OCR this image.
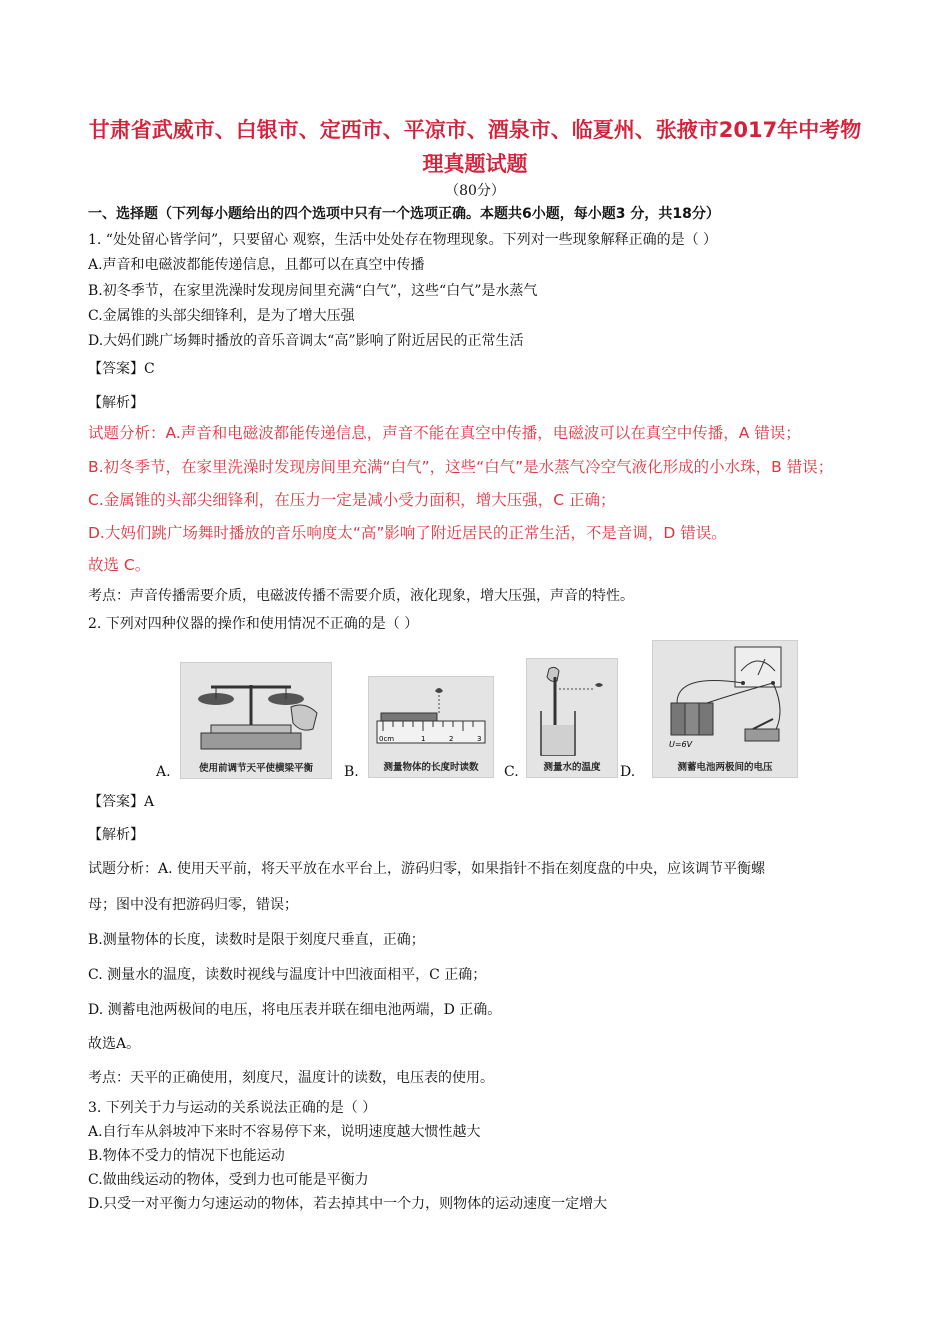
甘肃省武威市、白银市、定西市、平凉市、酒泉市、临夏州、张掖市2017年中考物
理真题试题
（80分）
一、选择题（下列每小题给出的四个选项中只有一个选项正确。本题共6小题，每小题3 分，共18分）
1. “处处留心皆学问”，只要留心 观察，生活中处处存在物理现象。下列对一些现象解释正确的是（ ）
A.声音和电磁波都能传递信息，且都可以在真空中传播
B.初冬季节，在家里洗澡时发现房间里充满“白气”，这些“白气”是水蒸气
C.金属锥的头部尖细锋利，是为了增大压强
D.大妈们跳广场舞时播放的音乐音调太“高”影响了附近居民的正常生活
【答案】C
【解析】
试题分析：A.声音和电磁波都能传递信息，声音不能在真空中传播，电磁波可以在真空中传播，A 错误；
B.初冬季节，在家里洗澡时发现房间里充满“白气”，这些“白气”是水蒸气冷空气液化形成的小水珠，B 错误；
C.金属锥的头部尖细锋利，在压力一定是减小受力面积，增大压强，C 正确；
D.大妈们跳广场舞时播放的音乐响度太“高”影响了附近居民的正常生活，不是音调，D 错误。
故选 C。
考点：声音传播需要介质，电磁波传播不需要介质，液化现象，增大压强，声音的特性。
2. 下列对四种仪器的操作和使用情况不正确的是（ ）
A.	使用前调节天平使横梁平衡	B.
0cm	1	2	3
测量物体的长度时读数	C.	测量水的温度	D.
U=6V
测蓄电池两极间的电压
【答案】A
【解析】
试题分析：A. 使用天平前，将天平放在水平台上，游码归零，如果指针不指在刻度盘的中央，应该调节平衡螺
母；图中没有把游码归零，错误；
B.测量物体的长度，读数时是限于刻度尺垂直，正确；
C. 测量水的温度，读数时视线与温度计中凹液面相平，C 正确；
D. 测蓄电池两极间的电压，将电压表并联在细电池两端，D 正确。
故选A。
考点：天平的正确使用，刻度尺，温度计的读数，电压表的使用。
3. 下列关于力与运动的关系说法正确的是（ ）
A.自行车从斜坡冲下来时不容易停下来，说明速度越大惯性越大
B.物体不受力的情况下也能运动
C.做曲线运动的物体，受到力也可能是平衡力
D.只受一对平衡力匀速运动的物体，若去掉其中一个力，则物体的运动速度一定增大
